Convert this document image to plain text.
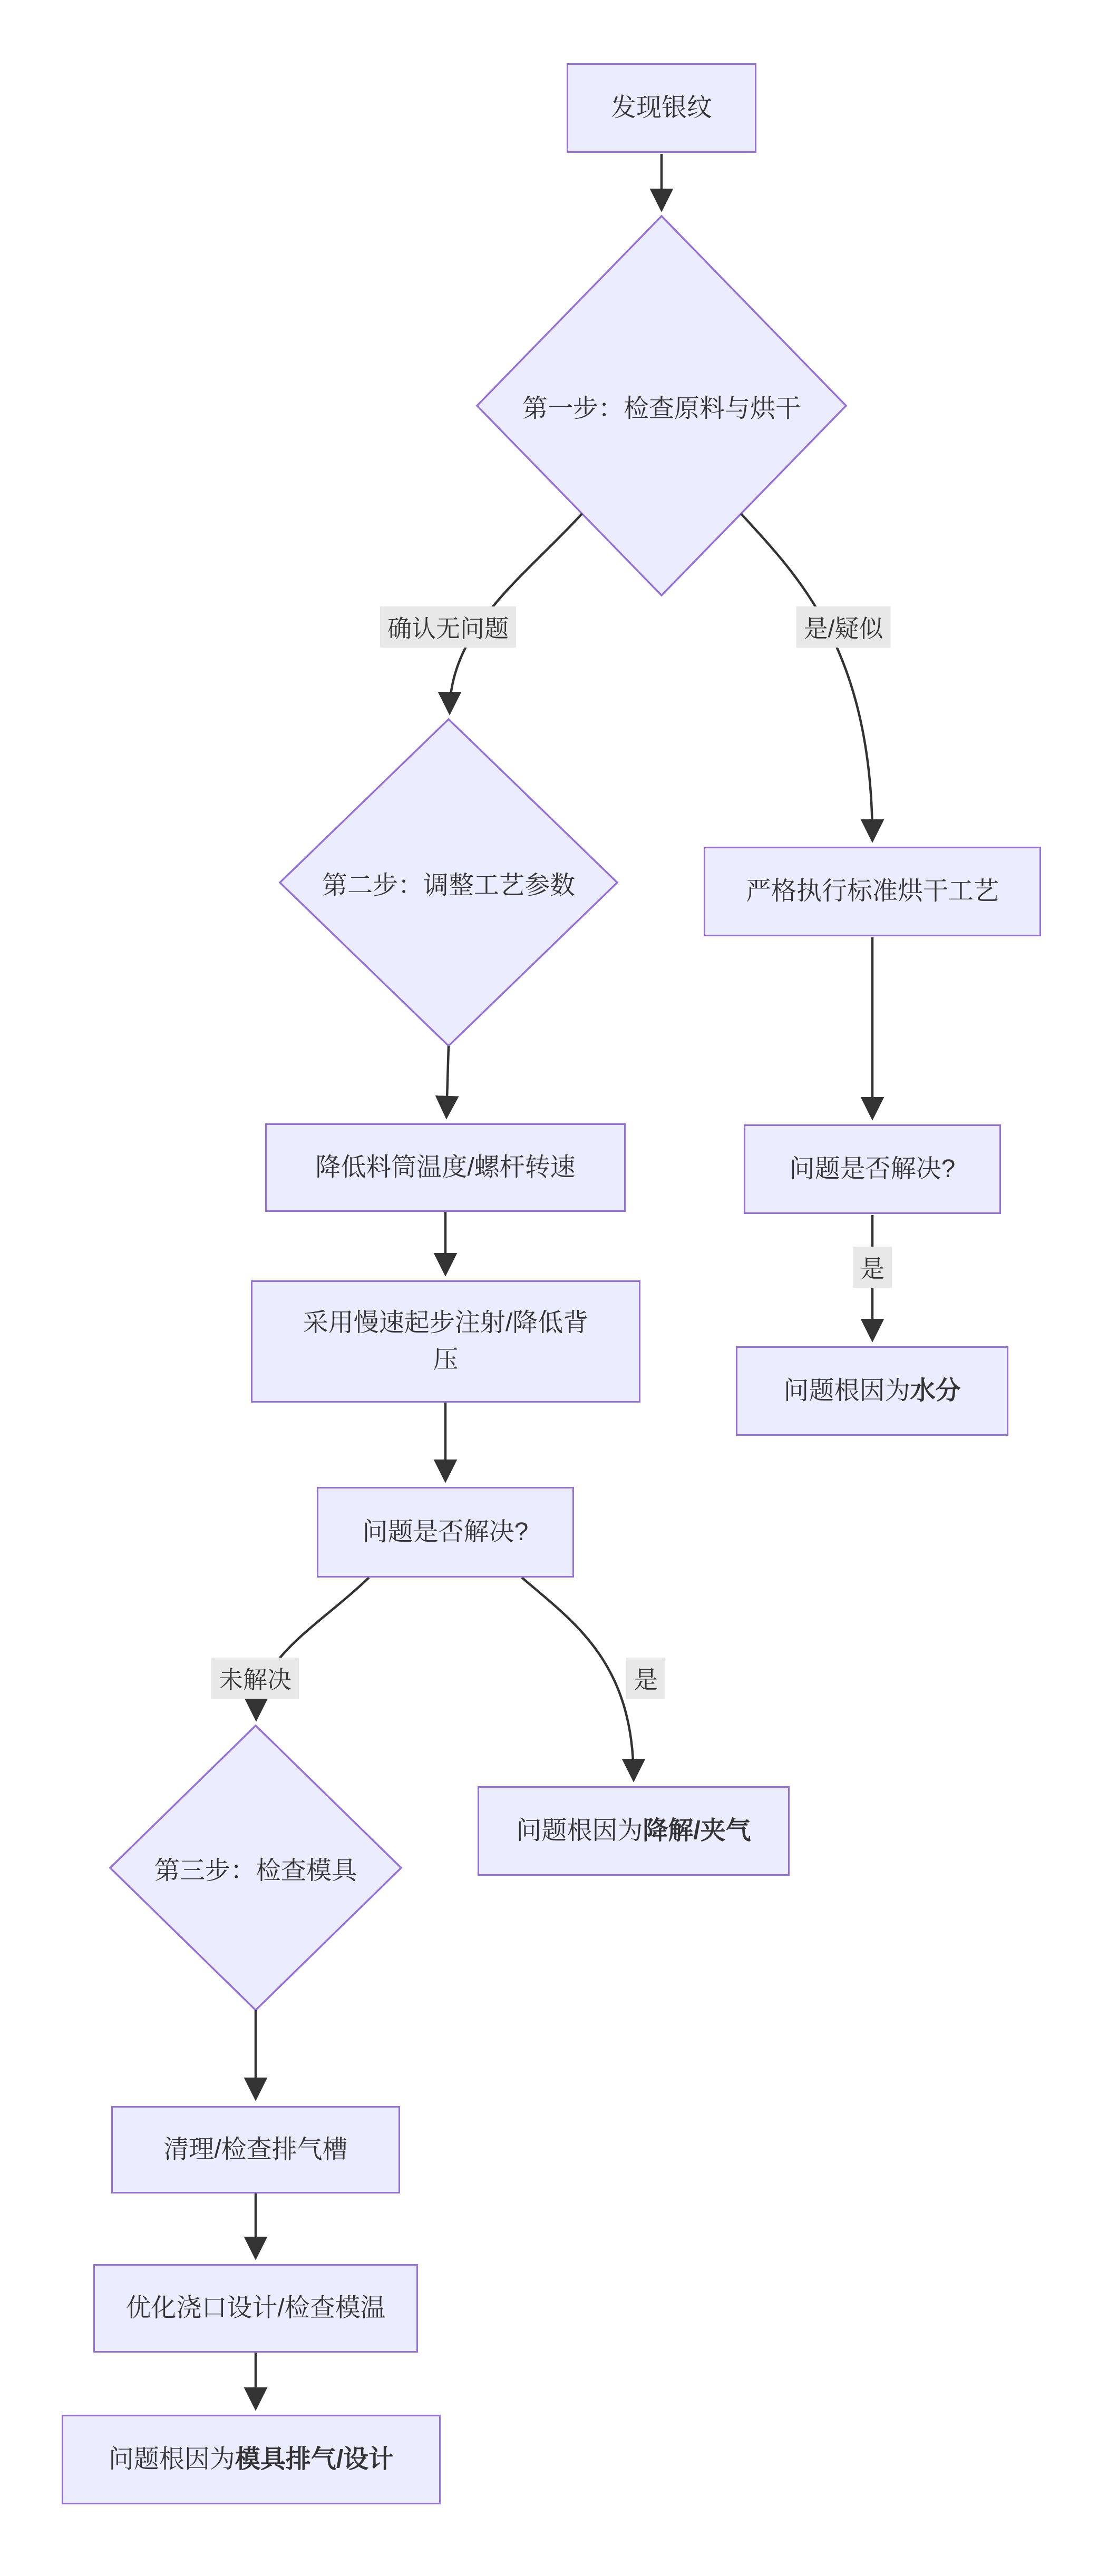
发现银纹
严格执行标准烘干工艺
问题是否解决?
问题根因为水分
降低料筒温度/螺杆转速
采用慢速起步注射/降低背压
问题是否解决?
问题根因为降解/夹气
清理/检查排气槽
优化浇口设计/检查模温
问题根因为模具排气/设计
第一步：检查原料与烘干
第二步：调整工艺参数
第三步：检查模具
确认无问题	是/疑似
是
未解决	是
